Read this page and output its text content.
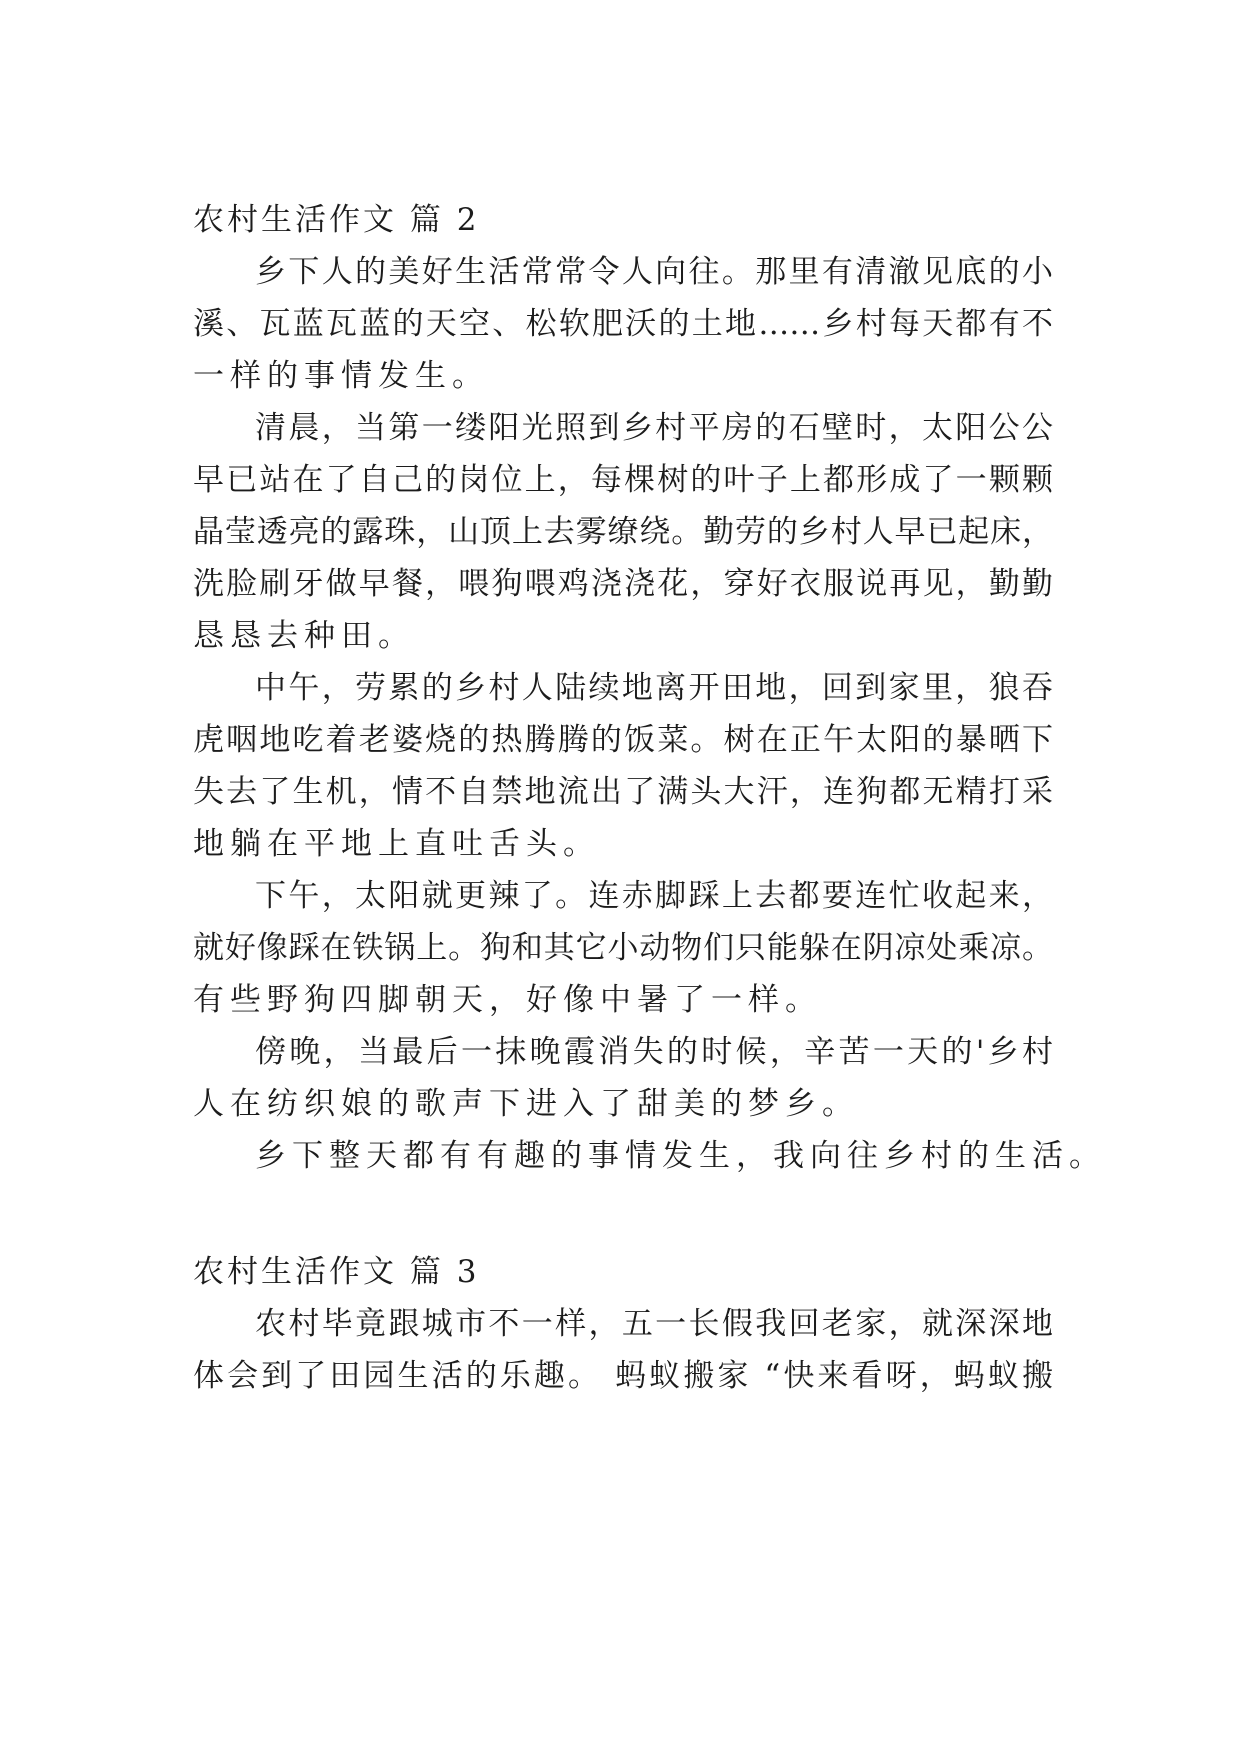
农村生活作文 篇 2
乡下人的美好生活常常令人向往。那里有清澈见底的小
溪、瓦蓝瓦蓝的天空、松软肥沃的土地……乡村每天都有不
一样的事情发生。
清晨，当第一缕阳光照到乡村平房的石壁时，太阳公公
早已站在了自己的岗位上，每棵树的叶子上都形成了一颗颗
晶莹透亮的露珠，山顶上去雾缭绕。勤劳的乡村人早已起床，
洗脸刷牙做早餐，喂狗喂鸡浇浇花，穿好衣服说再见，勤勤
恳恳去种田。
中午，劳累的乡村人陆续地离开田地，回到家里，狼吞
虎咽地吃着老婆烧的热腾腾的饭菜。树在正午太阳的暴晒下
失去了生机，情不自禁地流出了满头大汗，连狗都无精打采
地躺在平地上直吐舌头。
下午，太阳就更辣了。连赤脚踩上去都要连忙收起来，
就好像踩在铁锅上。狗和其它小动物们只能躲在阴凉处乘凉。
有些野狗四脚朝天，好像中暑了一样。
傍晚，当最后一抹晚霞消失的时候，辛苦一天的'乡村
人在纺织娘的歌声下进入了甜美的梦乡。
乡下整天都有有趣的事情发生，我向往乡村的生活。
农村生活作文 篇 3
农村毕竟跟城市不一样，五一长假我回老家，就深深地
体会到了田园生活的乐趣。 蚂蚁搬家 “快来看呀，蚂蚁搬
